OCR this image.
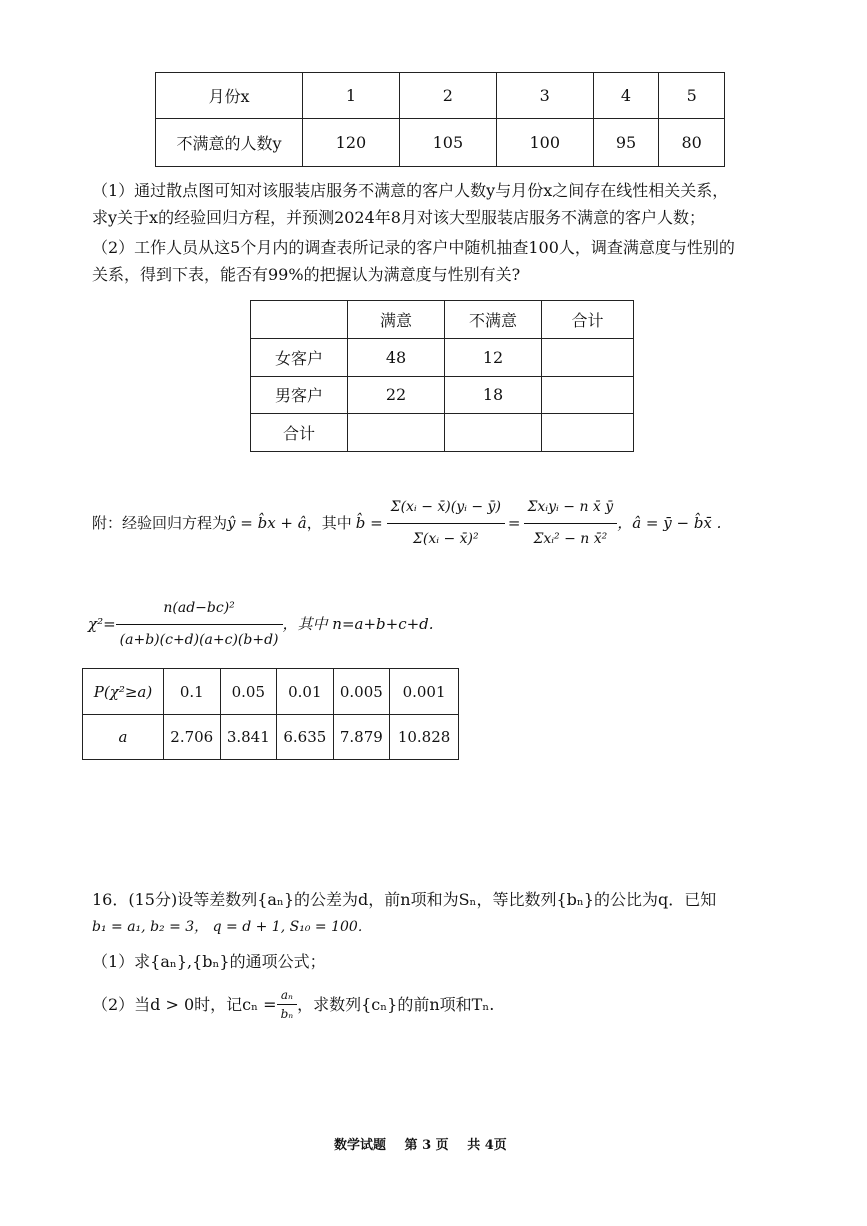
月份x	1	2	3	4	5
不满意的人数y	120	105	100	95	80
（1）通过散点图可知对该服装店服务不满意的客户人数y与月份x之间存在线性相关关系，
求y关于x的经验回归方程，并预测2024年8月对该大型服装店服务不满意的客户人数；
（2）工作人员从这5个月内的调查表所记录的客户中随机抽查100人，调查满意度与性别的
关系，得到下表，能否有99%的把握认为满意度与性别有关?
	满意	不满意	合计
女客户	48	12	
男客户	22	18	
合计			
附：经验回归方程为 ŷ = b̂x + â ，其中 b̂ = $\frac{\text{Σ(xᵢ − x̄)(yᵢ − ȳ)}}{\text{Σ(xᵢ − x̄)²}} = \frac{\text{Σxᵢyᵢ − n x̄ ȳ}}{\text{Σxᵢ² − n x̄²}}$ ，â = ȳ − b̂x̄ .
$\chi^2= \frac{\text{n(ad−bc)²}}{(a+b)(c+d)(a+c)(b+d)}$ ，其中 n=a+b+c+d.
P(χ²≥a)	0.1	0.05	0.01	0.005	0.001
a	2.706	3.841	6.635	7.879	10.828
16．(15分)设等差数列{aₙ}的公差为d，前n项和为Sₙ，等比数列{bₙ}的公比为q．已知
b₁ = a₁, b₂ = 3， q = d + 1, S₁₀ = 100．
（1）求{aₙ},{bₙ}的通项公式；
（2）当d > 0时，记$c_n = \frac{\text{aₙ}}{\text{bₙ}}$ ，求数列{cₙ}的前n项和Tₙ.
数学试题 第 3 页 共 4页
